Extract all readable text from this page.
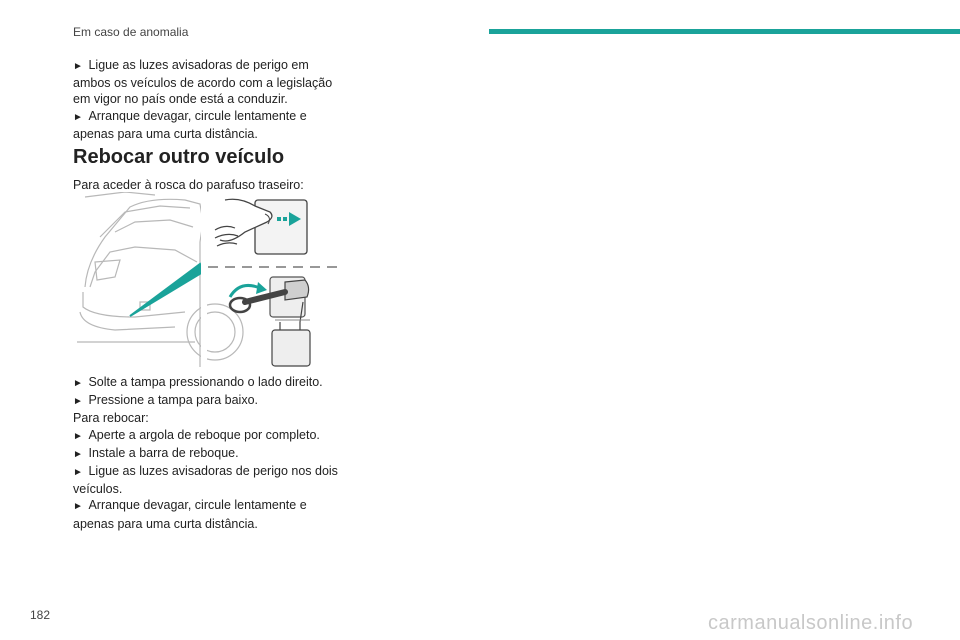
Em caso de anomalia

►  Ligue as luzes avisadoras de perigo em ambos os veículos de acordo com a legislação em vigor no país onde está a conduzir.

►  Arranque devagar, circule lentamente e apenas para uma curta distância.

Rebocar outro veículo
Para aceder à rosca do parafuso traseiro:

►  Solte a tampa pressionando o lado direito.

►  Pressione a tampa para baixo.

Para rebocar:

►  Aperte a argola de reboque por completo.

►  Instale a barra de reboque.

►  Ligue as luzes avisadoras de perigo nos dois veículos.

►  Arranque devagar, circule lentamente e apenas para uma curta distância.

182	carmanualsonline.info
